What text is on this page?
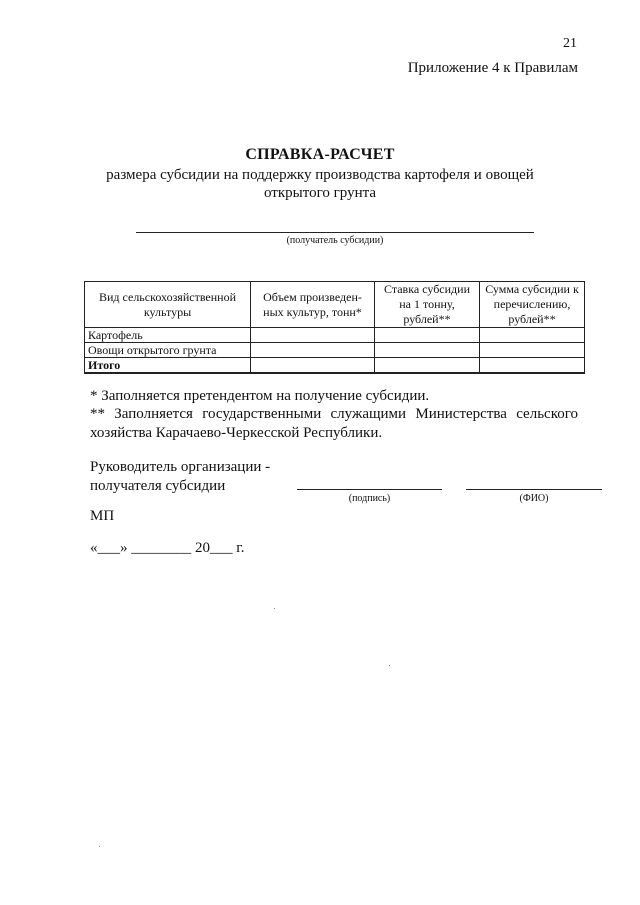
21
Приложение 4 к Правилам
СПРАВКА-РАСЧЕТ
размера субсидии на поддержку производства картофеля и овощей открытого грунта
(получатель субсидии)
Вид сельскохозяйственной культуры	Объем произведен-ных культур, тонн*	Ставка субсидии на 1 тонну, рублей**	Сумма субсидии к перечислению, рублей**
Картофель			
Овощи открытого грунта			
Итого			
* Заполняется претендентом на получение субсидии.
** Заполняется государственными служащими Министерства сельского
хозяйства Карачаево-Черкесской Республики.
Руководитель организации -
получателя субсидии
(подпись)	(ФИО)
МП
«___» ________ 20___ г.
